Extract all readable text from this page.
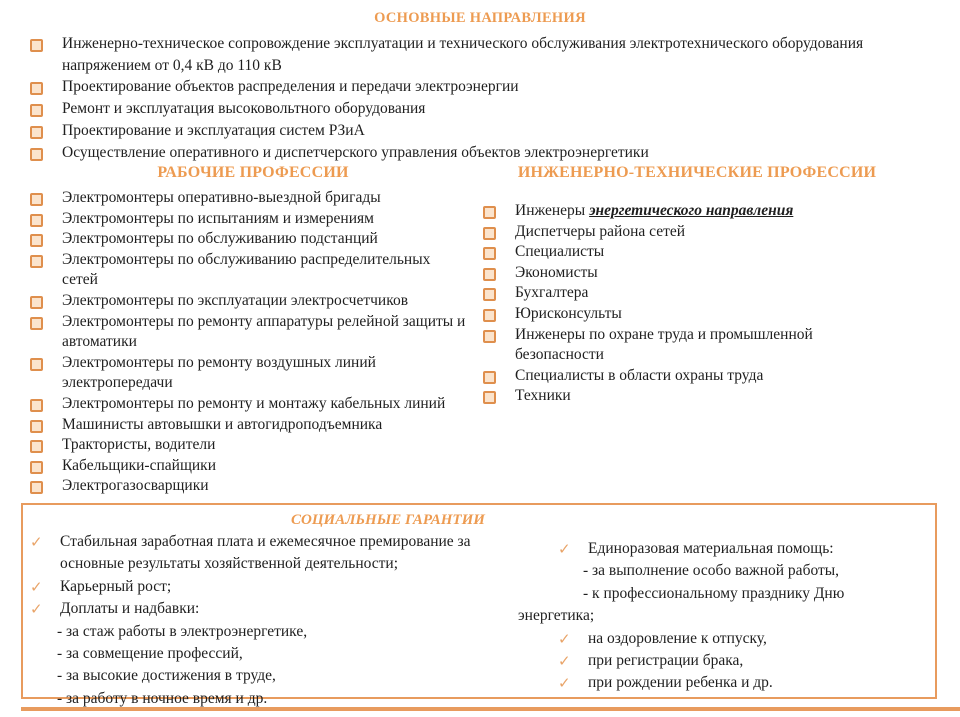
ОСНОВНЫЕ НАПРАВЛЕНИЯ
Инженерно-техническое сопровождение эксплуатации и технического обслуживания электротехнического оборудования напряжением от 0,4 кВ до 110 кВ
Проектирование объектов распределения и передачи электроэнергии
Ремонт и эксплуатация высоковольтного оборудования
Проектирование и эксплуатация систем РЗиА
Осуществление оперативного и диспетчерского управления объектов электроэнергетики
РАБОЧИЕ ПРОФЕССИИ	ИНЖЕНЕРНО-ТЕХНИЧЕСКИЕ ПРОФЕССИИ
Электромонтеры оперативно-выездной бригады
Электромонтеры по испытаниям и измерениям
Электромонтеры по обслуживанию подстанций
Электромонтеры по обслуживанию распределительных сетей
Электромонтеры по эксплуатации электросчетчиков
Электромонтеры по ремонту аппаратуры релейной защиты и автоматики
Электромонтеры по ремонту воздушных линий электропередачи
Электромонтеры по ремонту и монтажу кабельных линий
Машинисты автовышки и автогидроподъемника
Трактористы, водители
Кабельщики-спайщики
Электрогазосварщики
Инженеры энергетического направления
Диспетчеры района сетей
Специалисты
Экономисты
Бухгалтера
Юрисконсульты
Инженеры по охране труда и промышленной безопасности
Специалисты в области охраны труда
Техники
СОЦИАЛЬНЫЕ ГАРАНТИИ
✓ Стабильная заработная плата и ежемесячное премирование за основные результаты хозяйственной деятельности;
✓ Карьерный рост;
✓ Доплаты и надбавки:
- за стаж работы в электроэнергетике,
- за совмещение профессий,
- за высокие достижения в труде,
- за работу в ночное время и др.
✓ Единоразовая материальная помощь:
- за выполнение особо важной работы,
- к профессиональному празднику Дню
энергетика;
✓ на оздоровление к отпуску,
✓ при регистрации брака,
✓ при рождении ребенка и др.
